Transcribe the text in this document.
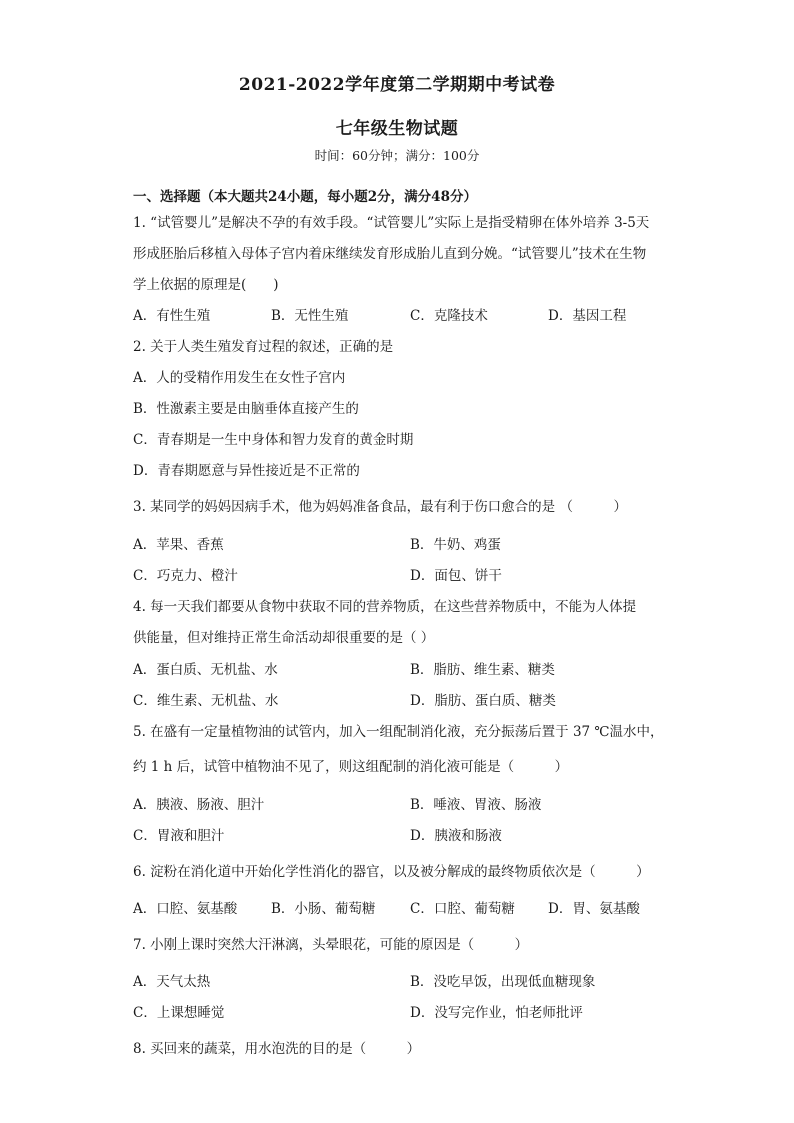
2021-2022学年度第二学期期中考试卷
七年级生物试题
时间：60分钟；满分：100分
一、选择题（本大题共24小题，每小题2分，满分48分）
1. “试管婴儿”是解决不孕的有效手段。“试管婴儿”实际上是指受精卵在体外培养 3-5天
形成胚胎后移植入母体子宫内着床继续发育形成胎儿直到分娩。“试管婴儿”技术在生物
学上依据的原理是(　　)
A．有性生殖	B．无性生殖	C．克隆技术	D．基因工程
2. 关于人类生殖发育过程的叙述，正确的是
A．人的受精作用发生在女性子宫内
B．性激素主要是由脑垂体直接产生的
C．青春期是一生中身体和智力发育的黄金时期
D．青春期愿意与异性接近是不正常的
3. 某同学的妈妈因病手术，他为妈妈准备食品，最有利于伤口愈合的是 （　　　）
A．苹果、香蕉	B．牛奶、鸡蛋
C．巧克力、橙汁	D．面包、饼干
4. 每一天我们都要从食物中获取不同的营养物质，在这些营养物质中，不能为人体提
供能量，但对维持正常生命活动却很重要的是（ ）
A．蛋白质、无机盐、水	B．脂肪、维生素、糖类
C．维生素、无机盐、水	D．脂肪、蛋白质、糖类
5. 在盛有一定量植物油的试管内，加入一组配制消化液，充分振荡后置于 37 ℃温水中，
约 1 h 后，试管中植物油不见了，则这组配制的消化液可能是（　　　）
A．胰液、肠液、胆汁	B．唾液、胃液、肠液
C．胃液和胆汁	D．胰液和肠液
6. 淀粉在消化道中开始化学性消化的器官，以及被分解成的最终物质依次是（　　　）
A．口腔、氨基酸	B．小肠、葡萄糖	C．口腔、葡萄糖 D．胃、氨基酸
7. 小刚上课时突然大汗淋漓，头晕眼花，可能的原因是（　　　）
A．天气太热	B．没吃早饭，出现低血糖现象
C．上课想睡觉	D．没写完作业，怕老师批评
8. 买回来的蔬菜，用水泡洗的目的是（　　　）
